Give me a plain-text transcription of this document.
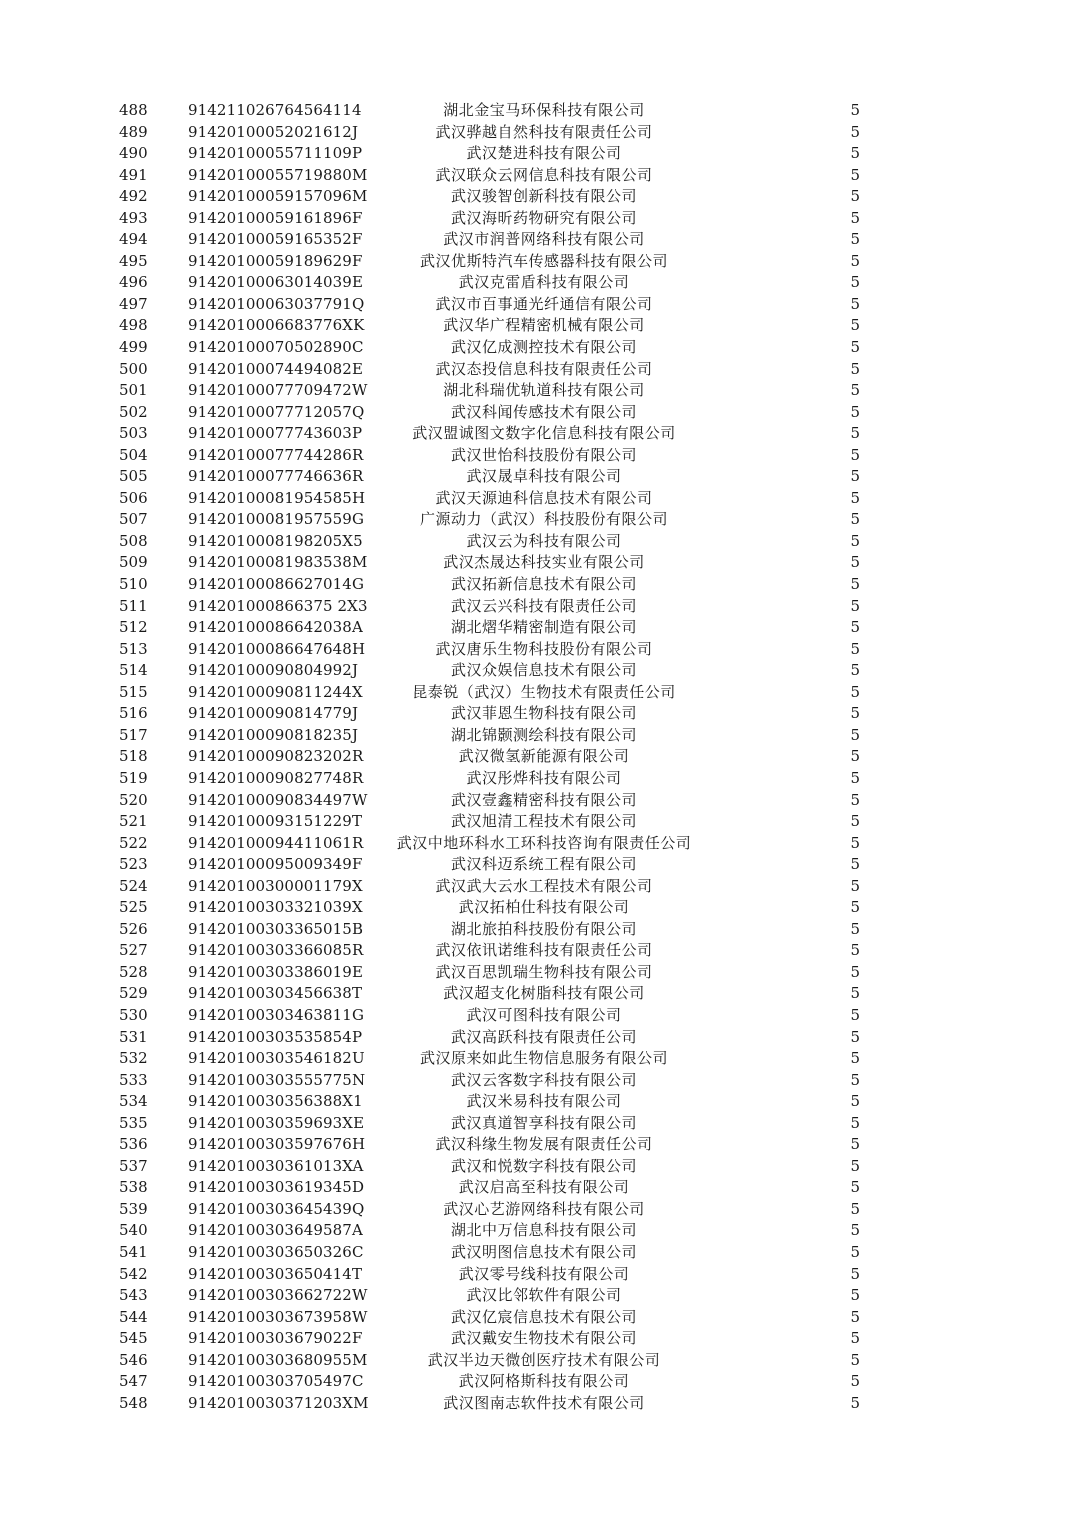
488	914211026764564114	湖北金宝马环保科技有限公司	5
489	91420100052021612J	武汉骅越自然科技有限责任公司	5
490	91420100055711109P	武汉楚进科技有限公司	5
491	91420100055719880M	武汉联众云网信息科技有限公司	5
492	91420100059157096M	武汉骏智创新科技有限公司	5
493	91420100059161896F	武汉海昕药物研究有限公司	5
494	91420100059165352F	武汉市润普网络科技有限公司	5
495	91420100059189629F	武汉优斯特汽车传感器科技有限公司	5
496	91420100063014039E	武汉克雷盾科技有限公司	5
497	91420100063037791Q	武汉市百事通光纤通信有限公司	5
498	9142010006683776XK	武汉华广程精密机械有限公司	5
499	91420100070502890C	武汉亿成测控技术有限公司	5
500	91420100074494082E	武汉态投信息科技有限责任公司	5
501	91420100077709472W	湖北科瑞优轨道科技有限公司	5
502	91420100077712057Q	武汉科闻传感技术有限公司	5
503	91420100077743603P	武汉盟诚图文数字化信息科技有限公司	5
504	91420100077744286R	武汉世怡科技股份有限公司	5
505	91420100077746636R	武汉晟卓科技有限公司	5
506	91420100081954585H	武汉天源迪科信息技术有限公司	5
507	91420100081957559G	广源动力（武汉）科技股份有限公司	5
508	9142010008198205X5	武汉云为科技有限公司	5
509	91420100081983538M	武汉杰晟达科技实业有限公司	5
510	91420100086627014G	武汉拓新信息技术有限公司	5
511	914201000866375 2X3	武汉云兴科技有限责任公司	5
512	91420100086642038A	湖北熠华精密制造有限公司	5
513	91420100086647648H	武汉唐乐生物科技股份有限公司	5
514	91420100090804992J	武汉众娱信息技术有限公司	5
515	91420100090811244X	昆泰锐（武汉）生物技术有限责任公司	5
516	91420100090814779J	武汉菲恩生物科技有限公司	5
517	91420100090818235J	湖北锦颢测绘科技有限公司	5
518	91420100090823202R	武汉微氢新能源有限公司	5
519	91420100090827748R	武汉彤烨科技有限公司	5
520	91420100090834497W	武汉壹鑫精密科技有限公司	5
521	91420100093151229T	武汉旭清工程技术有限公司	5
522	91420100094411061R	武汉中地环科水工环科技咨询有限责任公司	5
523	91420100095009349F	武汉科迈系统工程有限公司	5
524	91420100300001179X	武汉武大云水工程技术有限公司	5
525	91420100303321039X	武汉拓柏仕科技有限公司	5
526	91420100303365015B	湖北旅拍科技股份有限公司	5
527	91420100303366085R	武汉依讯诺维科技有限责任公司	5
528	91420100303386019E	武汉百思凯瑞生物科技有限公司	5
529	91420100303456638T	武汉超支化树脂科技有限公司	5
530	91420100303463811G	武汉可图科技有限公司	5
531	91420100303535854P	武汉高跃科技有限责任公司	5
532	91420100303546182U	武汉原来如此生物信息服务有限公司	5
533	91420100303555775N	武汉云客数字科技有限公司	5
534	9142010030356388X1	武汉米易科技有限公司	5
535	9142010030359693XE	武汉真道智享科技有限公司	5
536	91420100303597676H	武汉科缘生物发展有限责任公司	5
537	9142010030361013XA	武汉和悦数字科技有限公司	5
538	91420100303619345D	武汉启高至科技有限公司	5
539	91420100303645439Q	武汉心艺游网络科技有限公司	5
540	91420100303649587A	湖北中万信息科技有限公司	5
541	91420100303650326C	武汉明图信息技术有限公司	5
542	91420100303650414T	武汉零号线科技有限公司	5
543	91420100303662722W	武汉比邻软件有限公司	5
544	91420100303673958W	武汉亿宸信息技术有限公司	5
545	91420100303679022F	武汉戴安生物技术有限公司	5
546	91420100303680955M	武汉半边天微创医疗技术有限公司	5
547	91420100303705497C	武汉阿格斯科技有限公司	5
548	9142010030371203XM	武汉图南志软件技术有限公司	5
